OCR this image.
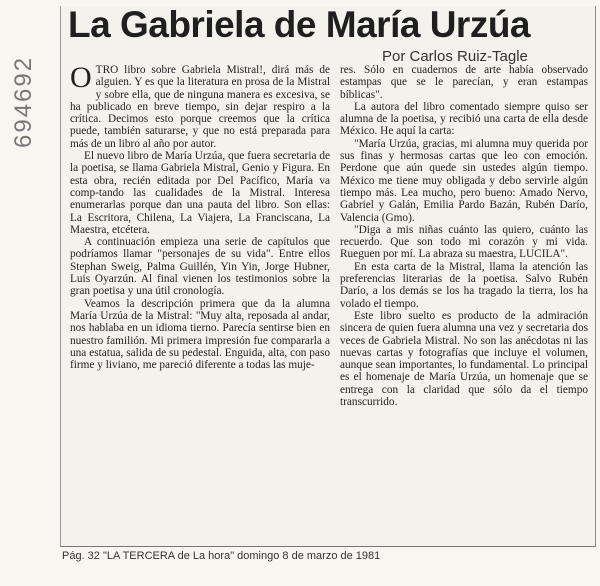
694692
La Gabriela de María Urzúa
Por Carlos Ruiz-Tagle

OTRO libro sobre Gabriela Mistral!, dirá más de alguien. Y es que la literatura en prosa de la Mistral y sobre ella, que de ninguna manera es excesiva, se ha publicado en breve tiempo, sin dejar respiro a la crítica. Decimos esto porque creemos que la crítica puede, también saturarse, y que no está preparada para más de un libro al año por autor.

El nuevo libro de María Urzúa, que fuera secretaria de la poetisa, se llama Gabriela Mistral, Genio y Figura. En esta obra, recién editada por Del Pacífico, María va comp-tando las cualidades de la Mistral. Interesa enumerarlas porque dan una pauta del libro. Son ellas: La Escritora, Chilena, La Viajera, La Franciscana, La Maestra, etcétera.

A continuación empieza una serie de capítulos que podríamos llamar "personajes de su vida". Entre ellos Stephan Sweig, Palma Guillén, Yin Yin, Jorge Hubner, Luis Oyarzún. Al final vienen los testimonios sobre la gran poetisa y una útil cronología.

Veamos la descripción primera que da la alumna María Urzúa de la Mistral: "Muy alta, reposada al andar, nos hablaba en un idioma tierno. Parecía sentirse bien en nuestro familión. Mi primera impresión fue compararla a una estatua, salida de su pedestal. Enguida, alta, con paso firme y liviano, me pareció diferente a todas las muje-

res. Sólo en cuadernos de arte había observado estampas que se le parecían, y eran estampas bíblicas".

La autora del libro comentado siempre quiso ser alumna de la poetisa, y recibió una carta de ella desde México. He aquí la carta:

"María Urzúa, gracias, mi alumna muy querida por sus finas y hermosas cartas que leo con emoción. Perdone que aún quede sin ustedes algún tiempo. México me tiene muy obligada y debo servirle algún tiempo más. Lea mucho, pero bueno: Amado Nervo, Gabriel y Galán, Emilia Pardo Bazán, Rubén Darío, Valencia (Gmo).

"Diga a mis niñas cuánto las quiero, cuánto las recuerdo. Que son todo mi corazón y mi vida. Rueguen por mí. La abraza su maestra, LUCILA".

En esta carta de la Mistral, llama la atención las preferencias literarias de la poetisa. Salvo Rubén Darío, a los demás se los ha tragado la tierra, los ha volado el tiempo.

Este libro suelto es producto de la admiración sincera de quien fuera alumna una vez y secretaria dos veces de Gabriela Mistral. No son las anécdotas ni las nuevas cartas y fotografías que incluye el volumen, aunque sean importantes, lo fundamental. Lo principal es el homenaje de María Urzúa, un homenaje que se entrega con la claridad que sólo da el tiempo transcurrido.

Pág. 32 "LA TERCERA de La hora" domingo 8 de marzo de 1981
